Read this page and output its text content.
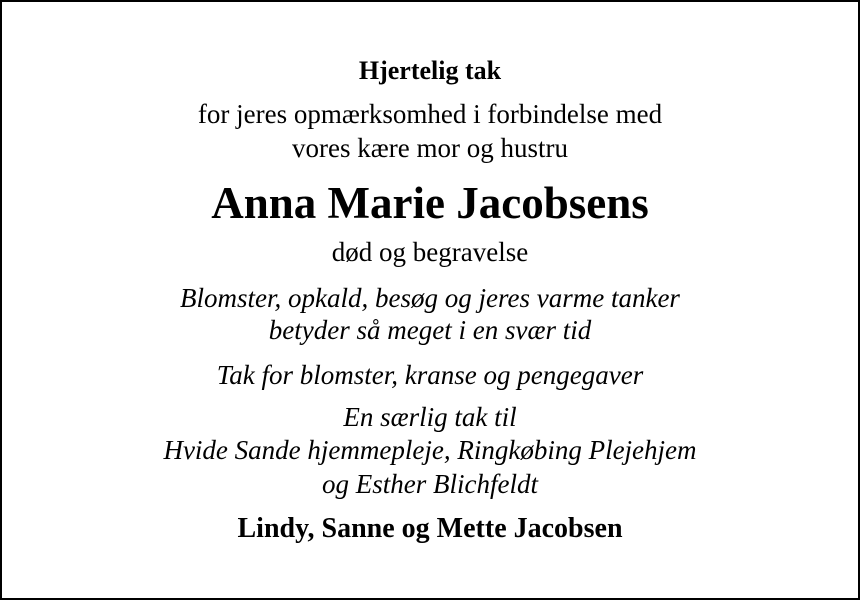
Hjertelig tak
for jeres opmærksomhed i forbindelse med
vores kære mor og hustru
Anna Marie Jacobsens
død og begravelse
Blomster, opkald, besøg og jeres varme tanker
betyder så meget i en svær tid
Tak for blomster, kranse og pengegaver
En særlig tak til
Hvide Sande hjemmepleje, Ringkøbing Plejehjem
og Esther Blichfeldt
Lindy, Sanne og Mette Jacobsen
